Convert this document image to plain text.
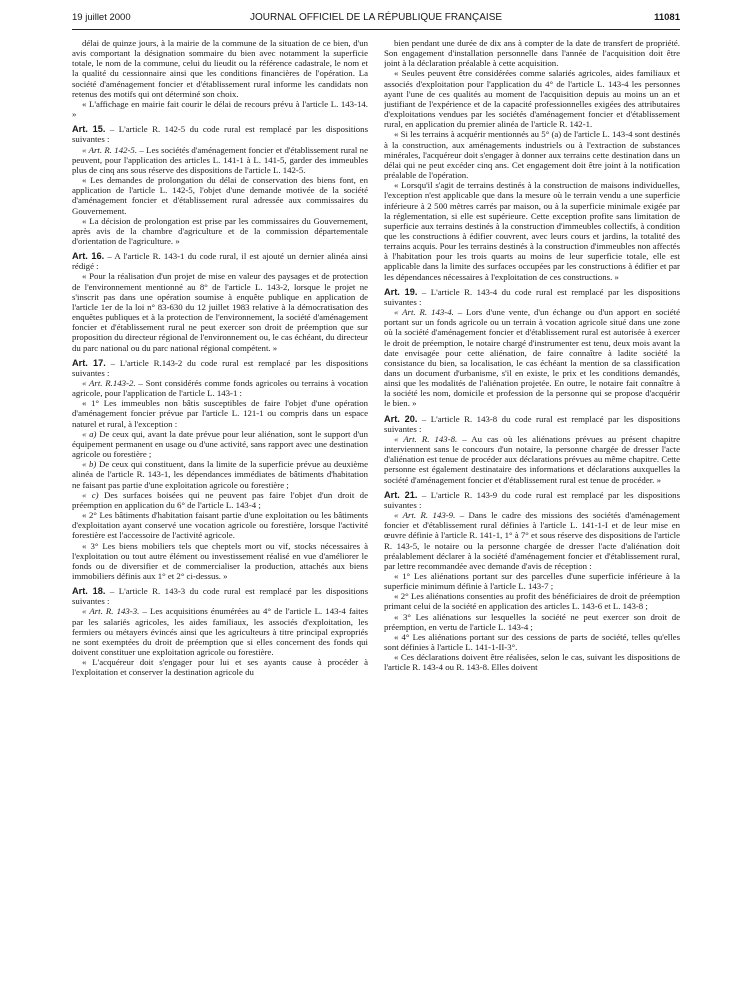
19 juillet 2000	JOURNAL OFFICIEL DE LA RÉPUBLIQUE FRANÇAISE	11081

délai de quinze jours, à la mairie de la commune de la situation de ce bien, d'un avis comportant la désignation sommaire du bien avec notamment la superficie totale, le nom de la commune, celui du lieudit ou la référence cadastrale, le nom et la qualité du cessionnaire ainsi que les conditions financières de l'opération. La société d'aménagement foncier et d'établissement rural informe les candidats non retenus des motifs qui ont déterminé son choix.

« L'affichage en mairie fait courir le délai de recours prévu à l'article L. 143-14. »

Art. 15. – L'article R. 142-5 du code rural est remplacé par les dispositions suivantes :

« Art. R. 142-5. – Les sociétés d'aménagement foncier et d'établissement rural ne peuvent, pour l'application des articles L. 141-1 à L. 141-5, garder des immeubles plus de cinq ans sous réserve des dispositions de l'article L. 142-5.

« Les demandes de prolongation du délai de conservation des biens font, en application de l'article L. 142-5, l'objet d'une demande motivée de la société d'aménagement foncier et d'établissement rural adressée aux commissaires du Gouvernement.

« La décision de prolongation est prise par les commissaires du Gouvernement, après avis de la chambre d'agriculture et de la commission départementale d'orientation de l'agriculture. »

Art. 16. – A l'article R. 143-1 du code rural, il est ajouté un dernier alinéa ainsi rédigé :

« Pour la réalisation d'un projet de mise en valeur des paysages et de protection de l'environnement mentionné au 8° de l'article L. 143-2, lorsque le projet ne s'inscrit pas dans une opération soumise à enquête publique en application de l'article 1er de la loi n° 83-630 du 12 juillet 1983 relative à la démocratisation des enquêtes publiques et à la protection de l'environnement, la société d'aménagement foncier et d'établissement rural ne peut exercer son droit de préemption que sur proposition du directeur régional de l'environnement ou, le cas échéant, du directeur du parc national ou du parc national régional compétent. »

Art. 17. – L'article R.143-2 du code rural est remplacé par les dispositions suivantes :

« Art. R.143-2. – Sont considérés comme fonds agricoles ou terrains à vocation agricole, pour l'application de l'article L. 143-1 :

« 1° Les immeubles non bâtis susceptibles de faire l'objet d'une opération d'aménagement foncier prévue par l'article L. 121-1 ou compris dans un espace naturel et rural, à l'exception :

« a) De ceux qui, avant la date prévue pour leur aliénation, sont le support d'un équipement permanent en usage ou d'une activité, sans rapport avec une destination agricole ou forestière ;

« b) De ceux qui constituent, dans la limite de la superficie prévue au deuxième alinéa de l'article R. 143-1, les dépendances immédiates de bâtiments d'habitation ne faisant pas partie d'une exploitation agricole ou forestière ;

« c) Des surfaces boisées qui ne peuvent pas faire l'objet d'un droit de préemption en application du 6° de l'article L. 143-4 ;

« 2° Les bâtiments d'habitation faisant partie d'une exploitation ou les bâtiments d'exploitation ayant conservé une vocation agricole ou forestière, lorsque l'activité forestière est l'accessoire de l'activité agricole.

« 3° Les biens mobiliers tels que cheptels mort ou vif, stocks nécessaires à l'exploitation ou tout autre élément ou investissement réalisé en vue d'améliorer le fonds ou de diversifier et de commercialiser la production, attachés aux biens immobiliers définis aux 1° et 2° ci-dessus. »

Art. 18. – L'article R. 143-3 du code rural est remplacé par les dispositions suivantes :

« Art. R. 143-3. – Les acquisitions énumérées au 4° de l'article L. 143-4 faites par les salariés agricoles, les aides familiaux, les associés d'exploitation, les fermiers ou métayers évincés ainsi que les agriculteurs à titre principal expropriés ne sont exemptées du droit de préemption que si elles concernent des fonds qui doivent constituer une exploitation agricole ou forestière.

« L'acquéreur doit s'engager pour lui et ses ayants cause à procéder à l'exploitation et conserver la destination agricole du

bien pendant une durée de dix ans à compter de la date de transfert de propriété. Son engagement d'installation personnelle dans l'année de l'acquisition doit être joint à la déclaration préalable à cette acquisition.

« Seules peuvent être considérées comme salariés agricoles, aides familiaux et associés d'exploitation pour l'application du 4° de l'article L. 143-4 les personnes ayant l'une de ces qualités au moment de l'acquisition depuis au moins un an et justifiant de l'expérience et de la capacité professionnelles exigées des attributaires d'exploitations vendues par les sociétés d'aménagement foncier et d'établissement rural, en application du premier alinéa de l'article R. 142-1.

« Si les terrains à acquérir mentionnés au 5° (a) de l'article L. 143-4 sont destinés à la construction, aux aménagements industriels ou à l'extraction de substances minérales, l'acquéreur doit s'engager à donner aux terrains cette destination dans un délai qui ne peut excéder cinq ans. Cet engagement doit être joint à la notification préalable de l'opération.

« Lorsqu'il s'agit de terrains destinés à la construction de maisons individuelles, l'exception n'est applicable que dans la mesure où le terrain vendu a une superficie inférieure à 2 500 mètres carrés par maison, ou à la superficie minimale exigée par la réglementation, si elle est supérieure. Cette exception profite sans limitation de superficie aux terrains destinés à la construction d'immeubles collectifs, à condition que les constructions à édifier couvrent, avec leurs cours et jardins, la totalité des terrains acquis. Pour les terrains destinés à la construction d'immeubles non affectés à l'habitation pour les trois quarts au moins de leur superficie totale, elle est applicable dans la limite des surfaces occupées par les constructions à édifier et par les dépendances nécessaires à l'exploitation de ces constructions. »

Art. 19. – L'article R. 143-4 du code rural est remplacé par les dispositions suivantes :

« Art. R. 143-4. – Lors d'une vente, d'un échange ou d'un apport en société portant sur un fonds agricole ou un terrain à vocation agricole situé dans une zone où la société d'aménagement foncier et d'établissement rural est autorisée à exercer le droit de préemption, le notaire chargé d'instrumenter est tenu, deux mois avant la date envisagée pour cette aliénation, de faire connaître à ladite société la consistance du bien, sa localisation, le cas échéant la mention de sa classification dans un document d'urbanisme, s'il en existe, le prix et les conditions demandés, ainsi que les modalités de l'aliénation projetée. En outre, le notaire fait connaître à la société les nom, domicile et profession de la personne qui se propose d'acquérir le bien. »

Art. 20. – L'article R. 143-8 du code rural est remplacé par les dispositions suivantes :

« Art. R. 143-8. – Au cas où les aliénations prévues au présent chapitre interviennent sans le concours d'un notaire, la personne chargée de dresser l'acte d'aliénation est tenue de procéder aux déclarations prévues au même chapitre. Cette personne est également destinataire des informations et déclarations auxquelles la société d'aménagement foncier et d'établissement rural est tenue de procéder. »

Art. 21. – L'article R. 143-9 du code rural est remplacé par les dispositions suivantes :

« Art. R. 143-9. – Dans le cadre des missions des sociétés d'aménagement foncier et d'établissement rural définies à l'article L. 141-1-I et de leur mise en œuvre définie à l'article R. 141-1, 1° à 7° et sous réserve des dispositions de l'article R. 143-5, le notaire ou la personne chargée de dresser l'acte d'aliénation doit préalablement déclarer à la société d'aménagement foncier et d'établissement rural, par lettre recommandée avec demande d'avis de réception :

« 1° Les aliénations portant sur des parcelles d'une superficie inférieure à la superficie minimum définie à l'article L. 143-7 ;

« 2° Les aliénations consenties au profit des bénéficiaires de droit de préemption primant celui de la société en application des articles L. 143-6 et L. 143-8 ;

« 3° Les aliénations sur lesquelles la société ne peut exercer son droit de préemption, en vertu de l'article L. 143-4 ;

« 4° Les aliénations portant sur des cessions de parts de société, telles qu'elles sont définies à l'article L. 141-1-II-3°.

« Ces déclarations doivent être réalisées, selon le cas, suivant les dispositions de l'article R. 143-4 ou R. 143-8. Elles doivent
